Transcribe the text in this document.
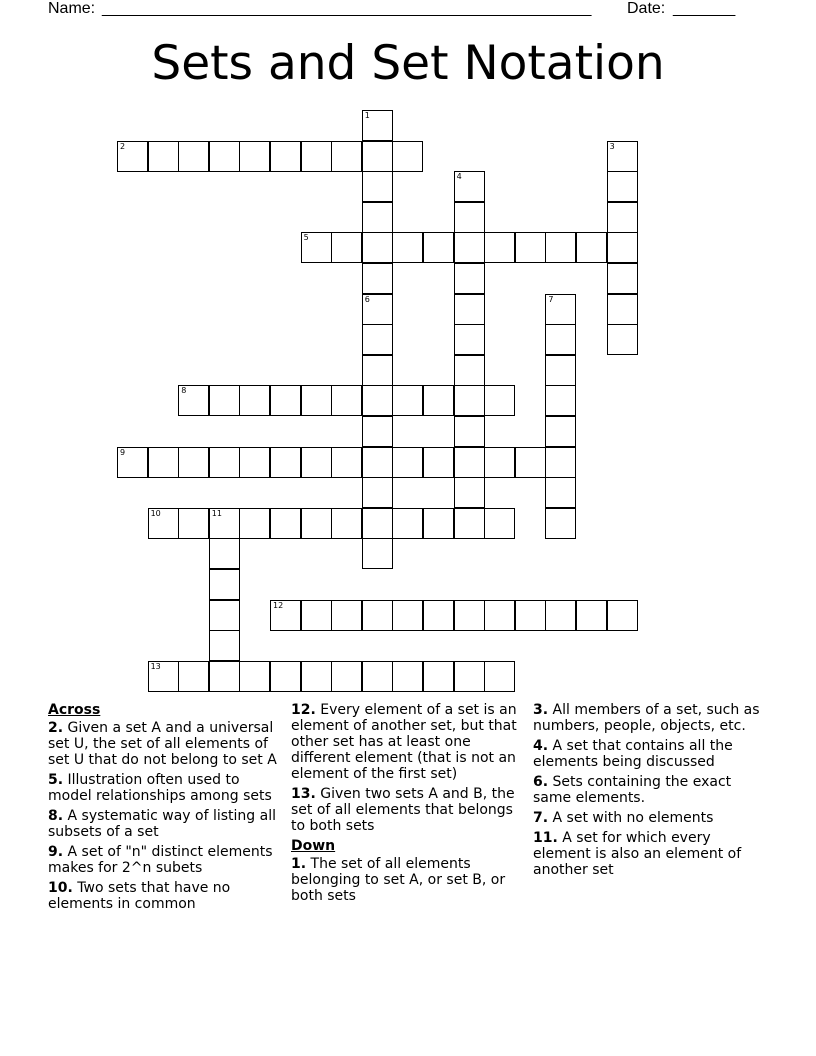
Name: _______________________________________________________ Date: _______
Sets and Set Notation
1
2	3
4
5
6	7
8
9
10	11
12
13
Across
2. Given a set A and a universal set U, the set of all elements of set U that do not belong to set A
5. Illustration often used to model relationships among sets
8. A systematic way of listing all subsets of a set
9. A set of "n" distinct elements makes for 2^n subets
10. Two sets that have no elements in common
12. Every element of a set is an element of another set, but that other set has at least one different element (that is not an element of the first set)
13. Given two sets A and B, the set of all elements that belongs to both sets
Down
1. The set of all elements belonging to set A, or set B, or both sets
3. All members of a set, such as numbers, people, objects, etc.
4. A set that contains all the elements being discussed
6. Sets containing the exact same elements.
7. A set with no elements
11. A set for which every element is also an element of another set
